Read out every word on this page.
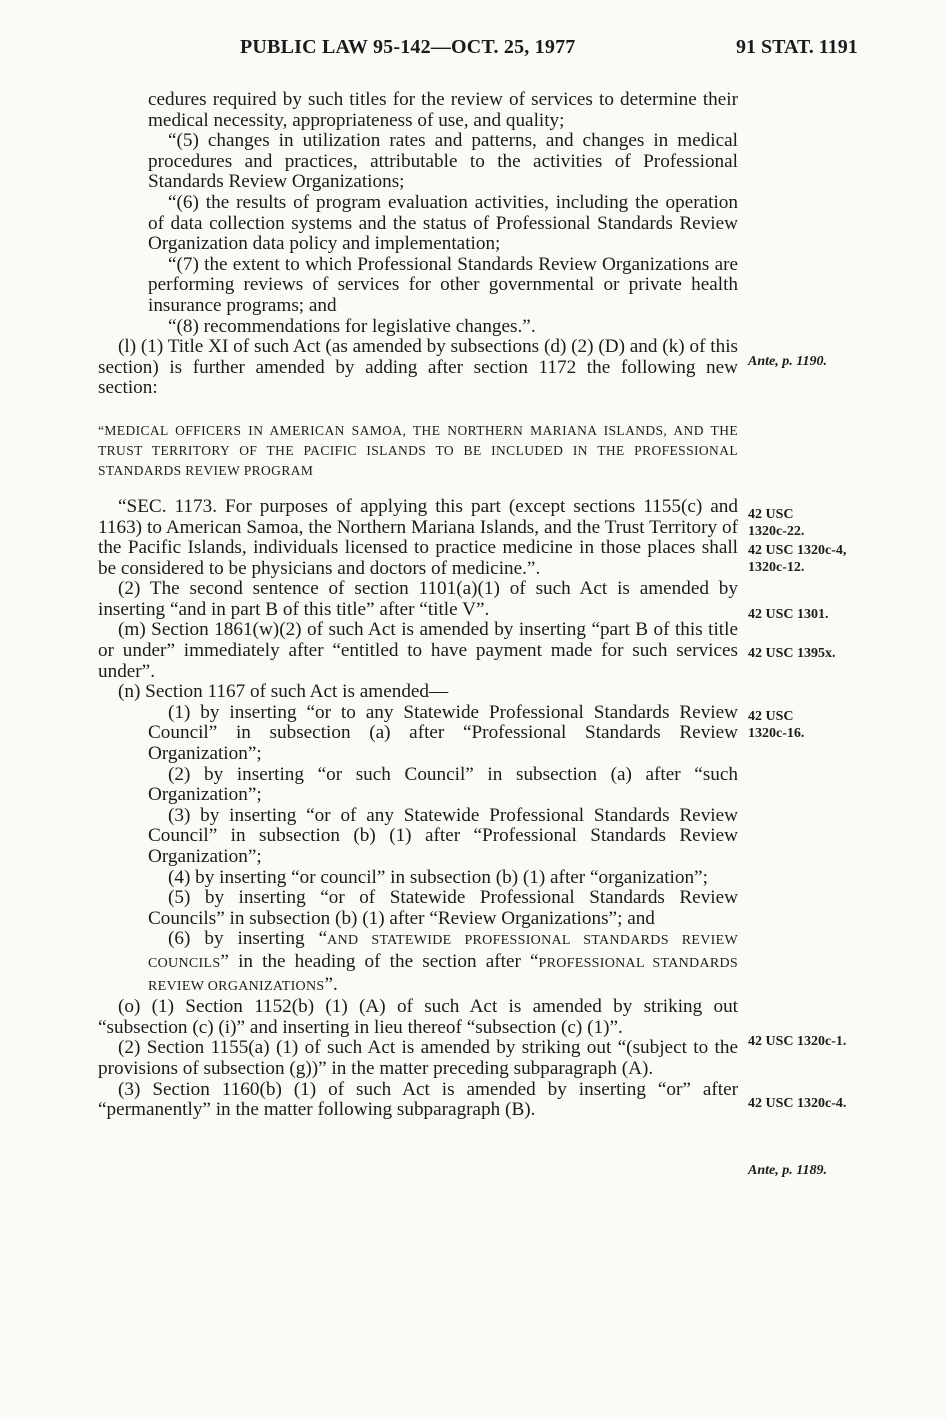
PUBLIC LAW 95-142—OCT. 25, 1977	91 STAT. 1191

cedures required by such titles for the review of services to determine their medical necessity, appropriateness of use, and quality;

“(5) changes in utilization rates and patterns, and changes in medical procedures and practices, attributable to the activities of Professional Standards Review Organizations;

“(6) the results of program evaluation activities, including the operation of data collection systems and the status of Professional Standards Review Organization data policy and implementation;

“(7) the extent to which Professional Standards Review Organizations are performing reviews of services for other governmental or private health insurance programs; and

“(8) recommendations for legislative changes.”.

(l) (1) Title XI of such Act (as amended by subsections (d) (2) (D) and (k) of this section) is further amended by adding after section 1172 the following new section:

“MEDICAL OFFICERS IN AMERICAN SAMOA, THE NORTHERN MARIANA ISLANDS, AND THE TRUST TERRITORY OF THE PACIFIC ISLANDS TO BE INCLUDED IN THE PROFESSIONAL STANDARDS REVIEW PROGRAM

“SEC. 1173. For purposes of applying this part (except sections 1155(c) and 1163) to American Samoa, the Northern Mariana Islands, and the Trust Territory of the Pacific Islands, individuals licensed to practice medicine in those places shall be considered to be physicians and doctors of medicine.”.

(2) The second sentence of section 1101(a)(1) of such Act is amended by inserting “and in part B of this title” after “title V”.

(m) Section 1861(w)(2) of such Act is amended by inserting “part B of this title or under” immediately after “entitled to have payment made for such services under”.

(n) Section 1167 of such Act is amended—

(1) by inserting “or to any Statewide Professional Standards Review Council” in subsection (a) after “Professional Standards Review Organization”;

(2) by inserting “or such Council” in subsection (a) after “such Organization”;

(3) by inserting “or of any Statewide Professional Standards Review Council” in subsection (b) (1) after “Professional Standards Review Organization”;

(4) by inserting “or council” in subsection (b) (1) after “organization”;

(5) by inserting “or of Statewide Professional Standards Review Councils” in subsection (b) (1) after “Review Organizations”; and

(6) by inserting “AND STATEWIDE PROFESSIONAL STANDARDS REVIEW COUNCILS” in the heading of the section after “PROFESSIONAL STANDARDS REVIEW ORGANIZATIONS”.

(o) (1) Section 1152(b) (1) (A) of such Act is amended by striking out “subsection (c) (i)” and inserting in lieu thereof “subsection (c) (1)”.

(2) Section 1155(a) (1) of such Act is amended by striking out “(subject to the provisions of subsection (g))” in the matter preceding subparagraph (A).

(3) Section 1160(b) (1) of such Act is amended by inserting “or” after “permanently” in the matter following subparagraph (B).

Ante, p. 1190.
42 USC 1320c-22.
42 USC 1320c-4, 1320c-12.
42 USC 1301.
42 USC 1395x.
42 USC 1320c-16.
42 USC 1320c-1.
42 USC 1320c-4.
Ante, p. 1189.
